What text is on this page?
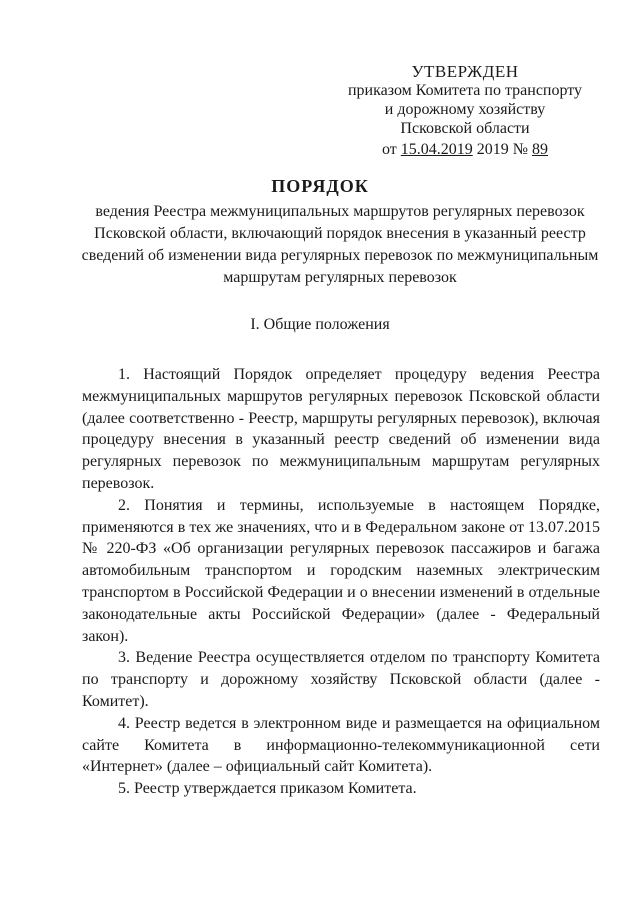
УТВЕРЖДЕН
приказом Комитета по транспорту
и дорожному хозяйству
Псковской области
от 15.04.2019 2019 № 89
ПОРЯДОК
ведения Реестра межмуниципальных маршрутов регулярных перевозок Псковской области, включающий порядок внесения в указанный реестр сведений об изменении вида регулярных перевозок по межмуниципальным маршрутам регулярных перевозок
I. Общие положения

1. Настоящий Порядок определяет процедуру ведения Реестра межмуниципальных маршрутов регулярных перевозок Псковской области (далее соответственно - Реестр, маршруты регулярных перевозок), включая процедуру внесения в указанный реестр сведений об изменении вида регулярных перевозок по межмуниципальным маршрутам регулярных перевозок.

2. Понятия и термины, используемые в настоящем Порядке, применяются в тех же значениях, что и в Федеральном законе от 13.07.2015 № 220-ФЗ «Об организации регулярных перевозок пассажиров и багажа автомобильным транспортом и городским наземных электрическим транспортом в Российской Федерации и о внесении изменений в отдельные законодательные акты Российской Федерации» (далее - Федеральный закон).

3. Ведение Реестра осуществляется отделом по транспорту Комитета по транспорту и дорожному хозяйству Псковской области (далее - Комитет).

4. Реестр ведется в электронном виде и размещается на официальном сайте Комитета в информационно-телекоммуникационной сети «Интернет» (далее – официальный сайт Комитета).

5. Реестр утверждается приказом Комитета.
